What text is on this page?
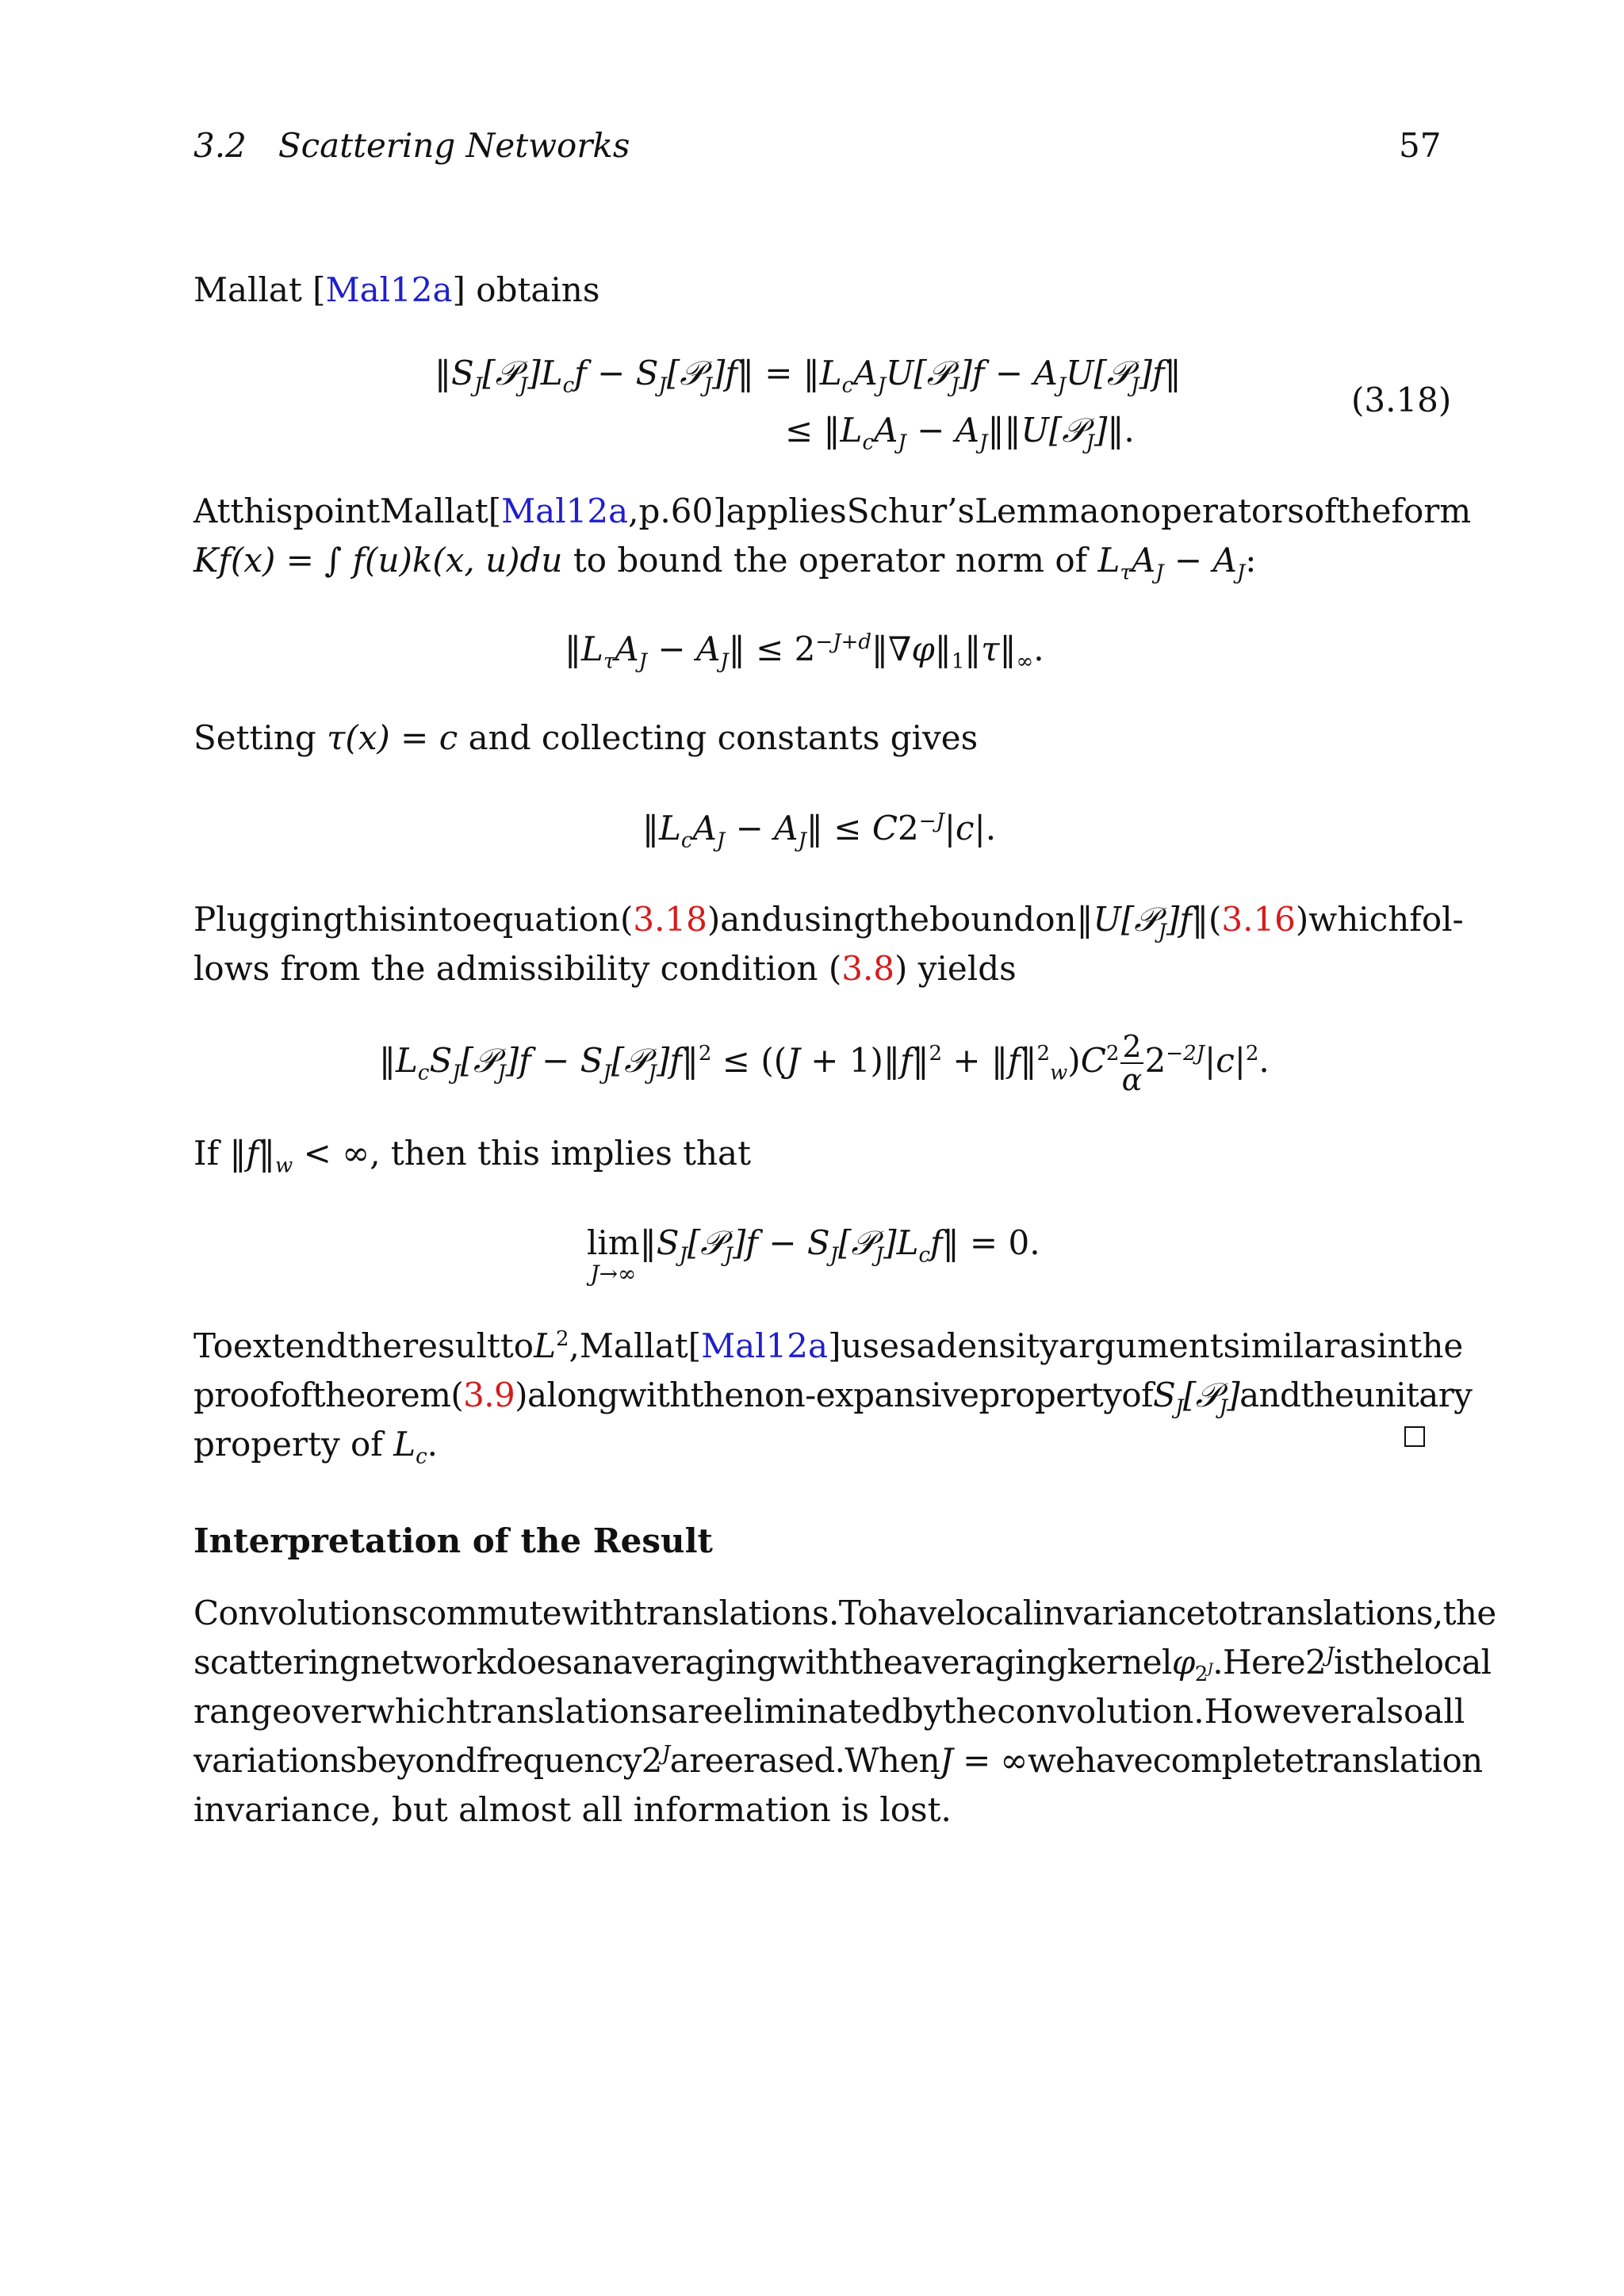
3.2 Scattering Networks	57
Mallat [Mal12a] obtains
$‖S_J[𝒫_J]L_cf$ − $S_J[𝒫_J]f‖$ = $‖L_cA_JU[𝒫_J]f$ − $A_JU[𝒫_J]f‖$
≤ $‖L_cA_J$ − $A_J‖‖U[𝒫_J]‖$.
(3.18)
At this point Mallat [Mal12a, p. 60] applies Schur’s Lemma on operators of the form
Kf(x) = ∫ f(u)k(x, u)du to bound the operator norm of $L_\tau A_J - A_J$:
$‖L_\tau A_J$ − $A_J‖$ ≤ $2^{-J+d}‖\nabla\varphi‖_1‖\tau‖_\infty$.
Setting τ(x) = c and collecting constants gives
$‖L_cA_J$ − $A_J‖ \le C2^{-J}|c|$.
Plugging this into equation (3.18) and using the bound on ‖U[𝒫$_J$]f‖ (3.16) which fol-
lows from the admissibility condition (3.8) yields
$‖L_cS_J[𝒫_J]f$ − $S_J[𝒫_J]f‖^2 \le ((J$ + 1)‖f‖$^2$ + $‖f‖^2_w)C^2 \frac{2}{\alpha} 2^{-2J}|c|^2$.
If $‖f‖_w$ < ∞, then this implies that
lim
J→∞
$‖S_J[𝒫_J]f$ − $S_J[𝒫_J]L_cf‖ = 0$.
To extend the result to $L^2$, Mallat [Mal12a] uses a density argument similar as in the
proof of theorem (3.9) along with the non-expansive property of $S_J[𝒫_J]$ and the unitary
property of $L_c$.
Interpretation of the Result
Convolutions commute with translations. To have local invariance to translations, the
scattering network does an averaging with the averaging kernel $\varphi_{2^J}$. Here $2^J$ is the local
range over which translations are eliminated by the convolution. However also all
variations beyond frequency $2^J$ are erased. When J = ∞ we have complete translation
invariance, but almost all information is lost.
